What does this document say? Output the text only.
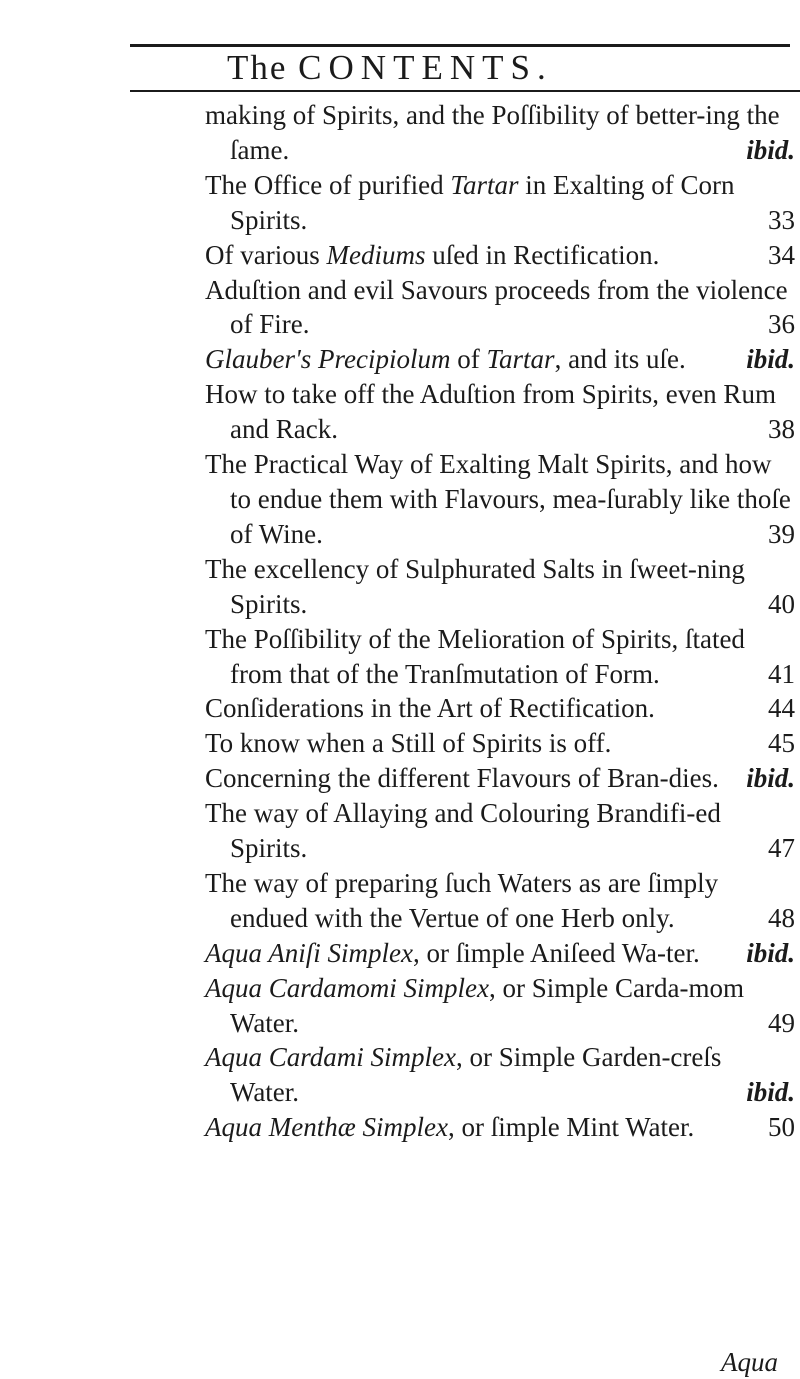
The CONTENTS.

making of Spirits, and the Poſſibility of better-ing the ſame.	ibid.

The Office of purified Tartar in Exalting of Corn Spirits.	33

Of various Mediums uſed in Rectification.	34

Aduſtion and evil Savours proceeds from the violence of Fire.	36

Glauber's Precipiolum of Tartar, and its uſe. ibid.

How to take off the Aduſtion from Spirits, even Rum and Rack.	38

The Practical Way of Exalting Malt Spirits, and how to endue them with Flavours, mea-ſurably like thoſe of Wine.	39

The excellency of Sulphurated Salts in ſweet-ning Spirits.	40

The Poſſibility of the Melioration of Spirits, ſtated from that of the Tranſmutation of Form.	41

Conſiderations in the Art of Rectification.	44

To know when a Still of Spirits is off.	45

Concerning the different Flavours of Bran-dies. ibid.

The way of Allaying and Colouring Brandifi-ed Spirits.	47

The way of preparing ſuch Waters as are ſimply endued with the Vertue of one Herb only.	48

Aqua Aniſi Simplex, or ſimple Aniſeed Wa-ter. ibid.

Aqua Cardamomi Simplex, or Simple Carda-mom Water.	49

Aqua Cardami Simplex, or Simple Garden-creſs Water.	ibid.

Aqua Menthæ Simplex, or ſimple Mint Water.	50

Aqua
